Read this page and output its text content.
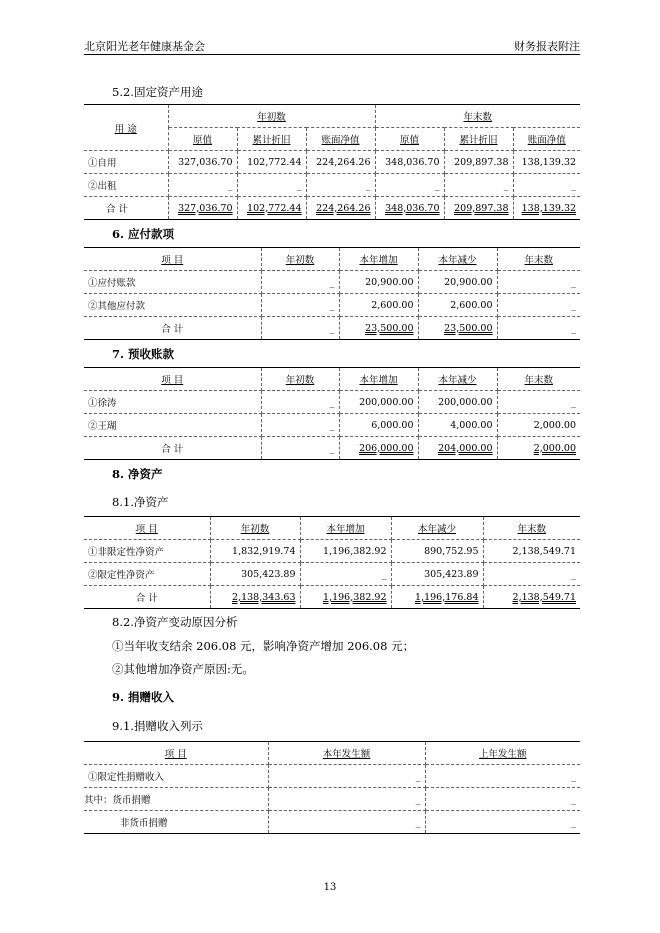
北京阳光老年健康基金会	财务报表附注
5.2.固定资产用途
用 途	年初数			年末数		
	原值	累计折旧	账面净值	原值	累计折旧	账面净值
①自用	327,036.70	102,772.44	224,264.26	348,036.70	209,897.38	138,139.32
②出租	_	_	_	_	_	_
合 计	327,036.70	102,772.44	224,264.26	348,036.70	209,897.38	138,139.32
6. 应付款项
项 目	年初数	本年增加	本年减少	年末数
①应付账款	_	20,900.00	20,900.00	_
②其他应付款	_	2,600.00	2,600.00	_
合 计	_	23,500.00	23,500.00	_
7. 预收账款
项 目	年初数	本年增加	本年减少	年末数
①徐涛	_	200,000.00	200,000.00	_
②王瑚	_	6,000.00	4,000.00	2,000.00
合 计	_	206,000.00	204,000.00	2,000.00
8. 净资产
8.1.净资产
项 目	年初数	本年增加	本年减少	年末数
①非限定性净资产	1,832,919.74	1,196,382.92	890,752.95	2,138,549.71
②限定性净资产	305,423.89	_	305,423.89	_
合 计	2,138,343.63	1,196,382.92	1,196,176.84	2,138,549.71
8.2.净资产变动原因分析
①当年收支结余 206.08 元，影响净资产增加 206.08 元；
②其他增加净资产原因:无。
9. 捐赠收入
9.1.捐赠收入列示
项 目	本年发生额	上年发生额
①限定性捐赠收入	_	_
其中：货币捐赠	_	_
非货币捐赠	_	_
13
